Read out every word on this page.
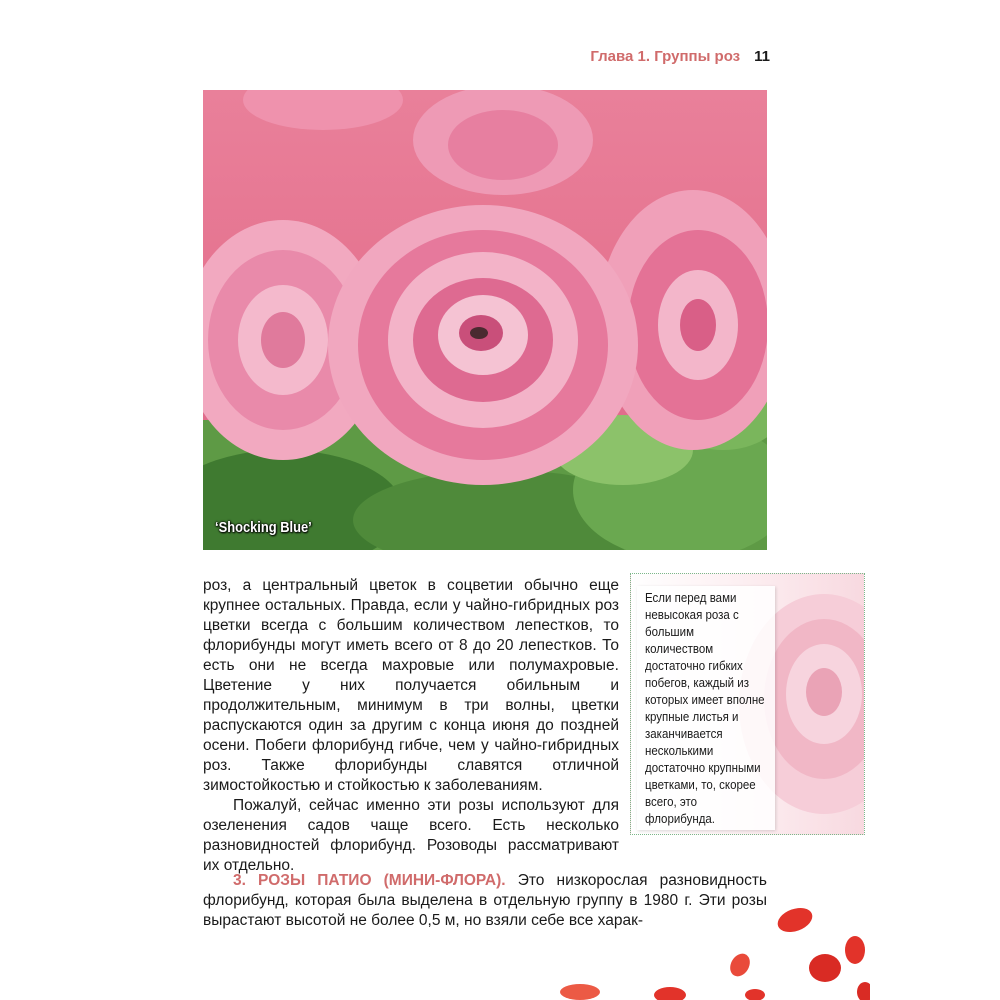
Глава 1. Группы роз 11
‘Shocking Blue’

роз, а центральный цветок в соцветии обычно еще крупнее остальных. Правда, если у чайно-гибридных роз цветки всегда с большим количеством лепестков, то флорибунды могут иметь всего от 8 до 20 лепестков. То есть они не всегда махровые или полумахровые. Цветение у них получается обильным и продолжительным, минимум в три волны, цветки распускаются один за другим с конца июня до поздней осени. Побеги флорибунд гибче, чем у чайно-гибридных роз. Также флорибунды славятся отличной зимостойкостью и стойкостью к заболеваниям.

Пожалуй, сейчас именно эти розы используют для озеленения садов чаще всего. Есть несколько разновидностей флорибунд. Розоводы рассматривают их отдельно.

3. РОЗЫ ПАТИО (МИНИ-ФЛОРА). Это низкорослая разновидность флорибунд, которая была выделена в отдельную группу в 1980 г. Эти розы вырастают высотой не более 0,5 м, но взяли себе все харак-
Если перед вами невысокая роза с большим количеством достаточно гибких побегов, каждый из которых имеет вполне крупные листья и заканчивается несколькими достаточно крупными цветками, то, скорее всего, это флорибунда.
